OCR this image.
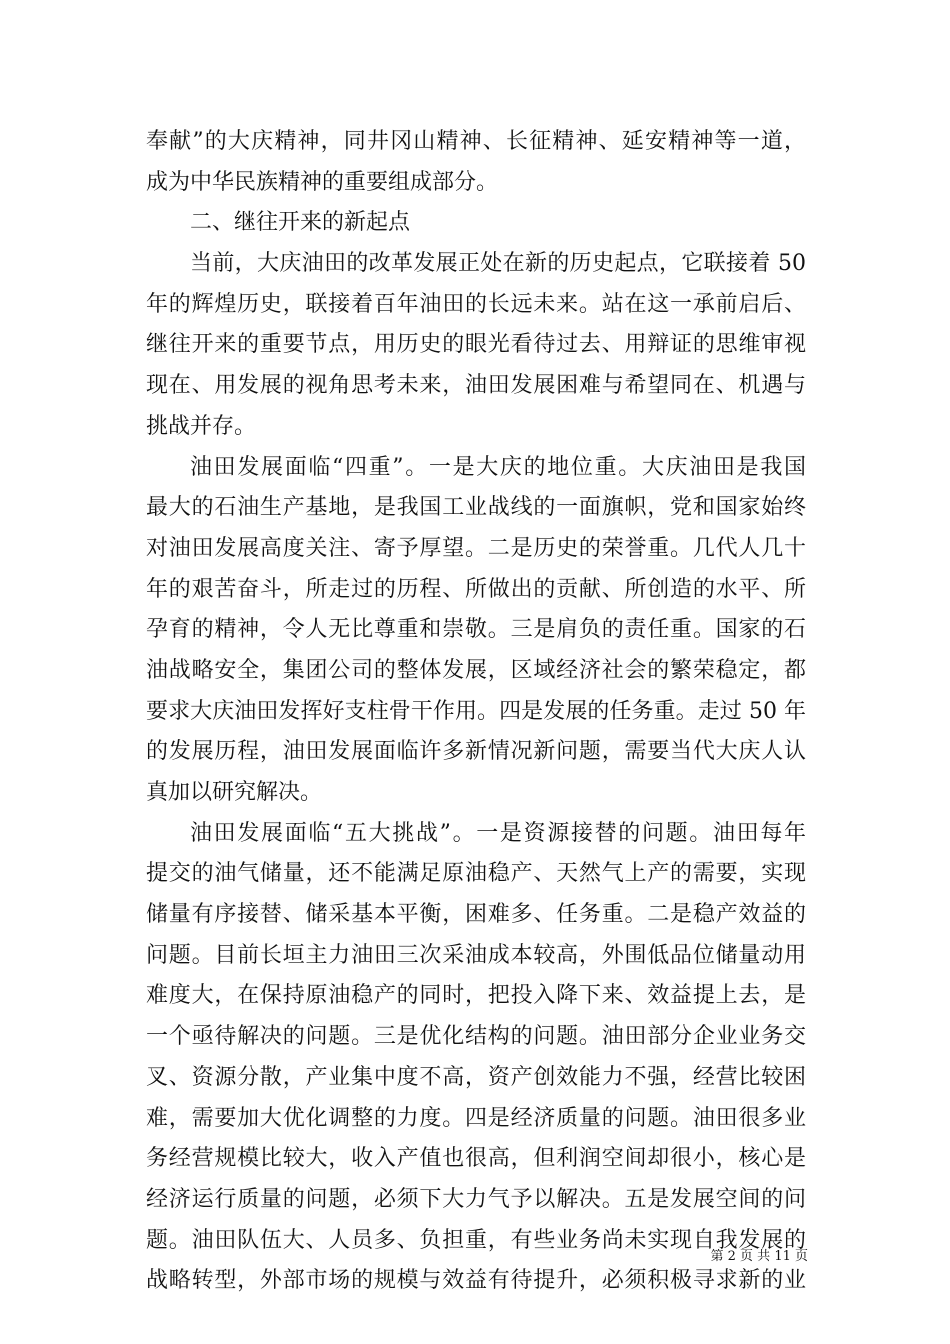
奉献”的大庆精神，同井冈山精神、长征精神、延安精神等一道，
成为中华民族精神的重要组成部分。
二、继往开来的新起点
当前，大庆油田的改革发展正处在新的历史起点，它联接着 50
年的辉煌历史，联接着百年油田的长远未来。站在这一承前启后、
继往开来的重要节点，用历史的眼光看待过去、用辩证的思维审视
现在、用发展的视角思考未来，油田发展困难与希望同在、机遇与
挑战并存。
油田发展面临“四重”。一是大庆的地位重。大庆油田是我国
最大的石油生产基地，是我国工业战线的一面旗帜，党和国家始终
对油田发展高度关注、寄予厚望。二是历史的荣誉重。几代人几十
年的艰苦奋斗，所走过的历程、所做出的贡献、所创造的水平、所
孕育的精神，令人无比尊重和崇敬。三是肩负的责任重。国家的石
油战略安全，集团公司的整体发展，区域经济社会的繁荣稳定，都
要求大庆油田发挥好支柱骨干作用。四是发展的任务重。走过 50 年
的发展历程，油田发展面临许多新情况新问题，需要当代大庆人认
真加以研究解决。
油田发展面临“五大挑战”。一是资源接替的问题。油田每年
提交的油气储量，还不能满足原油稳产、天然气上产的需要，实现
储量有序接替、储采基本平衡，困难多、任务重。二是稳产效益的
问题。目前长垣主力油田三次采油成本较高，外围低品位储量动用
难度大，在保持原油稳产的同时，把投入降下来、效益提上去，是
一个亟待解决的问题。三是优化结构的问题。油田部分企业业务交
叉、资源分散，产业集中度不高，资产创效能力不强，经营比较困
难，需要加大优化调整的力度。四是经济质量的问题。油田很多业
务经营规模比较大，收入产值也很高，但利润空间却很小，核心是
经济运行质量的问题，必须下大力气予以解决。五是发展空间的问
题。油田队伍大、人员多、负担重，有些业务尚未实现自我发展的
战略转型，外部市场的规模与效益有待提升，必须积极寻求新的业
第 2 页 共 11 页
